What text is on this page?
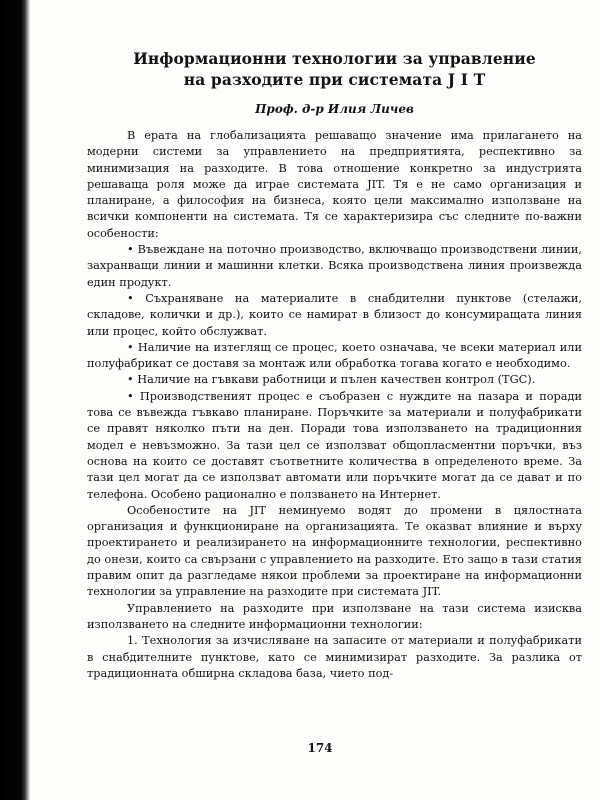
Информационни технологии за управление
на разходите при системата J I T
Проф. д-р Илия Личев

В ерата на глобализацията решаващо значение има прилагането на модерни системи за управлението на предприятията, респективно за минимизация на разходите. В това отношение конкретно за индустрията решаваща роля може да играе системата JIT. Тя е не само организация и планиране, а философия на бизнеса, която цели максимално използване на всички компоненти на системата. Тя се характеризира със следните по-важни особености:

• Въвеждане на поточно производство, включващо производствени линии, захранващи линии и машинни клетки. Всяка производствена линия произвежда един продукт.

• Съхраняване на материалите в снабдителни пунктове (стелажи, складове, колички и др.), които се намират в близост до консумиращата линия или процес, който обслужват.

• Наличие на изтеглящ се процес, което означава, че всеки материал или полуфабрикат се доставя за монтаж или обработка тогава когато е необходимо.

• Наличие на гъвкави работници и пълен качествен контрол (TGC).

• Производственият процес е съобразен с нуждите на пазара и поради това се въвежда гъвкаво планиране. Поръчките за материали и полуфабрикати се правят няколко пъти на ден. Поради това използването на традиционния модел е невъзможно. За тази цел се използват общоплаcментни поръчки, въз основа на които се доставят съответните количества в определеното време. За тази цел могат да се използват автомати или поръчките могат да се дават и по телефона. Особено рационално е ползването на Интернет.

Особеностите на JIT неминуемо водят до промени в цялостната организация и функциониране на организацията. Те оказват влияние и върху проектирането и реализирането на информационните технологии, респективно до онези, които са свързани с управлението на разходите. Ето защо в тази статия правим опит да разгледаме някои проблеми за проектиране на информационни технологии за управление на разходите при системата JIT.

Управлението на разходите при използване на тази система изисква използването на следните информационни технологии:

1. Технология за изчисляване на запасите от материали и полуфабрикати в снабдителните пунктове, като се минимизират разходите. За разлика от традиционната обширна складова база, чието под-

174
